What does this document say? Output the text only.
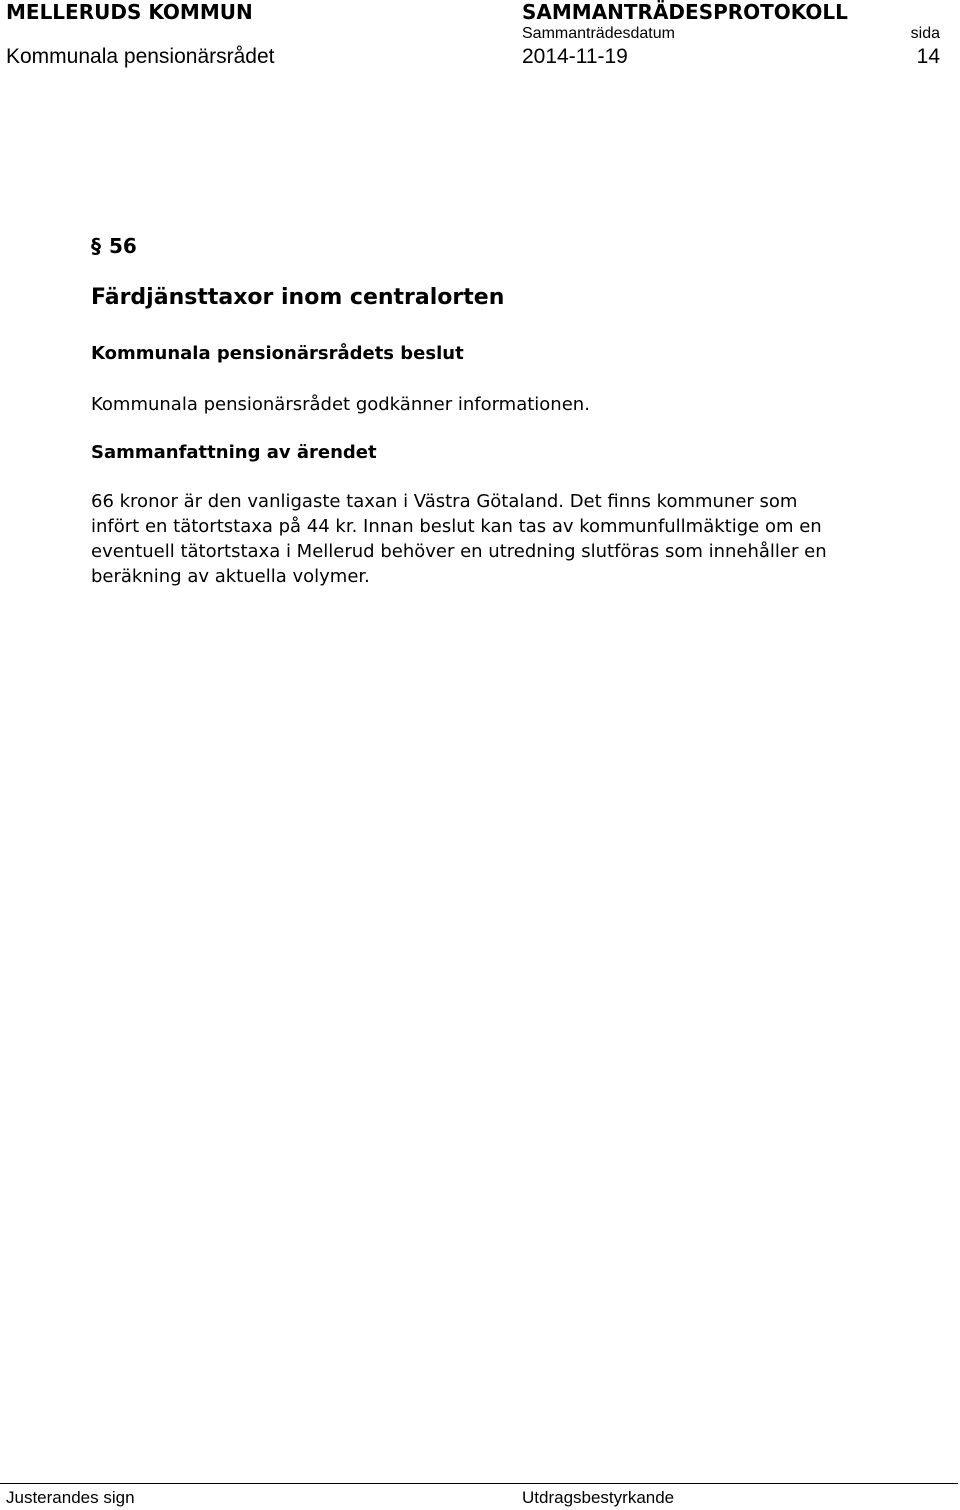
MELLERUDS KOMMUN	SAMMANTRÄDESPROTOKOLL
Sammanträdesdatum	sida
Kommunala pensionärsrådet	2014-11-19	14
§ 56
Färdjänsttaxor inom centralorten
Kommunala pensionärsrådets beslut
Kommunala pensionärsrådet godkänner informationen.
Sammanfattning av ärendet
66 kronor är den vanligaste taxan i Västra Götaland. Det finns kommuner som
infört en tätortstaxa på 44 kr. Innan beslut kan tas av kommunfullmäktige om en
eventuell tätortstaxa i Mellerud behöver en utredning slutföras som innehåller en
beräkning av aktuella volymer.
Justerandes sign	Utdragsbestyrkande
